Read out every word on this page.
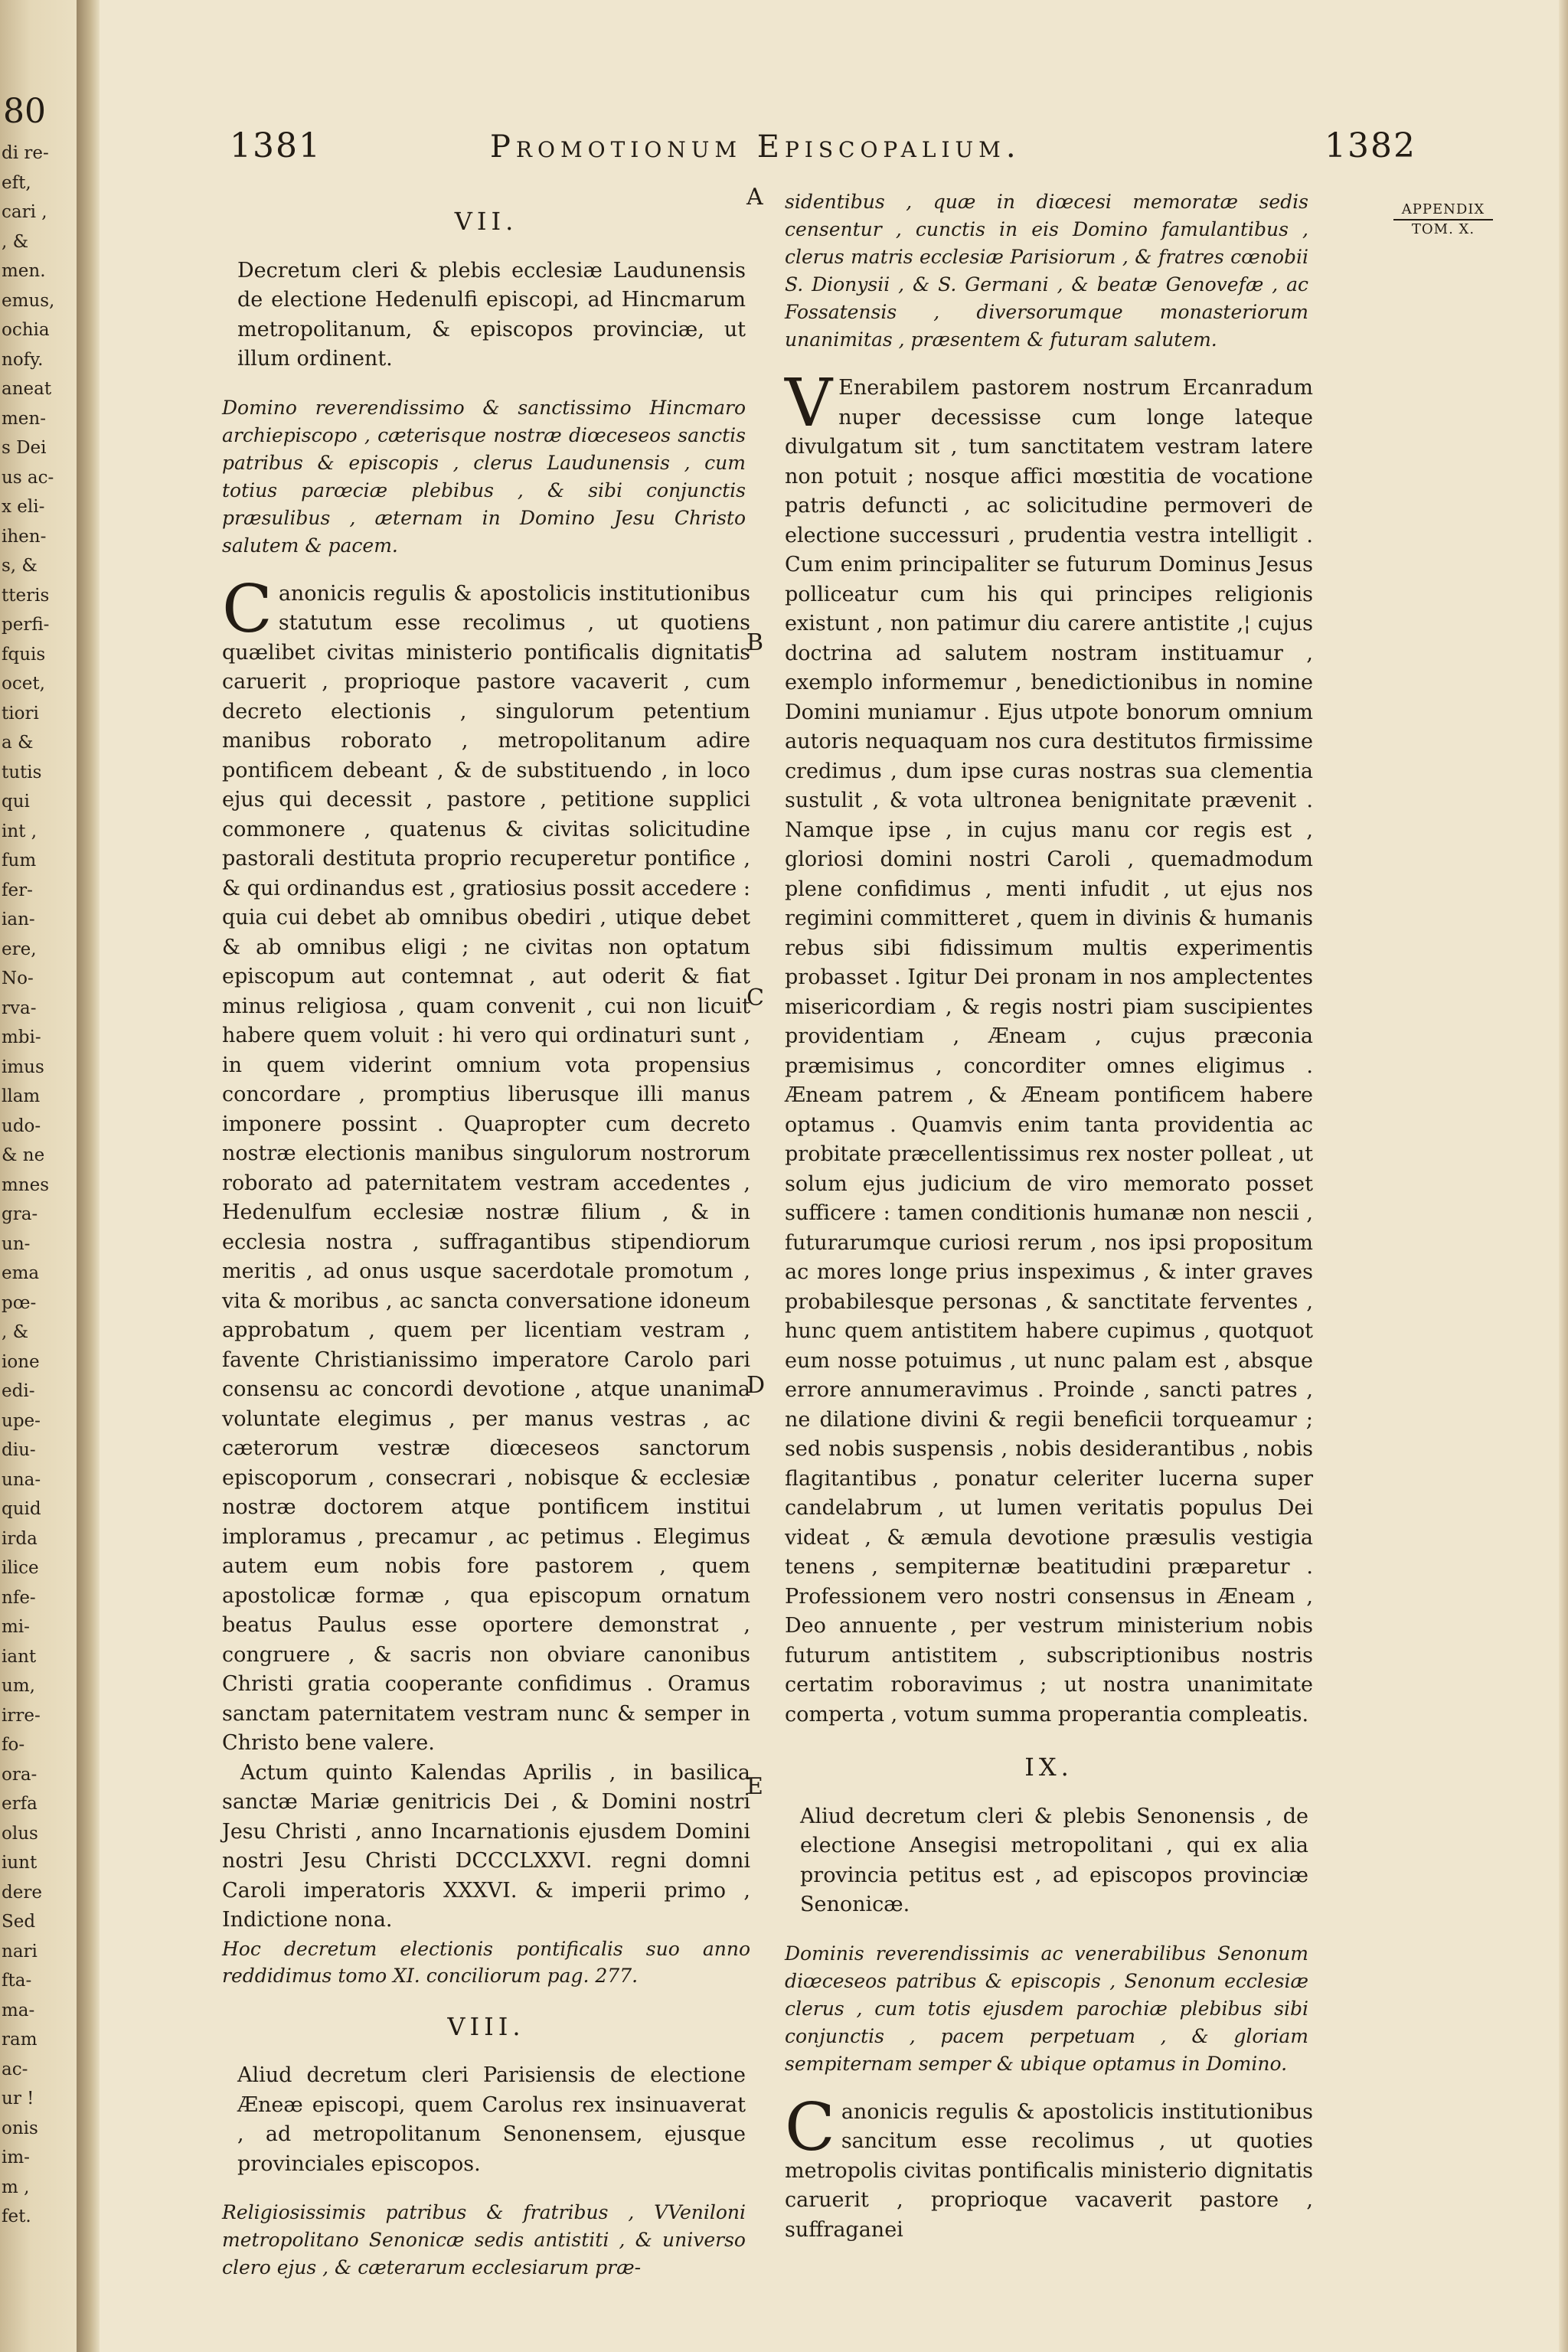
80
di re-
eft,
cari ,
, &
men.
emus,
ochia
nofy.
aneat
men-
s Dei
us ac-
x eli-
ihen-
s, &
tteris
perfi-
fquis
ocet,
tiori
a &
tutis
qui
int ,
fum
fer-
ian-
ere,
No-
rva-
mbi-
imus
llam
udo-
& ne
mnes
gra-
un-
ema
pœ-
, &
ione
edi-
upe-
diu-
una-
quid
irda
ilice
nfe-
mi-
iant
um,
irre-
fo-
ora-
erfa
olus
iunt
dere
Sed
nari
fta-
ma-
ram
ac-
ur !
onis
im-
m ,
fet.
1381	Promotionum Episcopalium.	1382
APPENDIX
TOM. X.
A
B
C
D
E
VII.
Decretum cleri & plebis ecclesiæ Laudunensis de electione Hedenulfi episcopi, ad Hincmarum metropolitanum, & episcopos provinciæ, ut illum ordinent.
Domino reverendissimo & sanctissimo Hincmaro archiepiscopo , cæterisque nostræ diœceseos sanctis patribus & episcopis , clerus Laudunensis , cum totius parœciæ plebibus , & sibi conjunctis præsulibus , æternam in Domino Jesu Christo salutem & pacem.

Canonicis regulis & apostolicis institutionibus statutum esse recolimus , ut quotiens quælibet civitas ministerio pontificalis dignitatis caruerit , proprioque pastore vacaverit , cum decreto electionis , singulorum petentium manibus roborato , metropolitanum adire pontificem debeant , & de substituendo , in loco ejus qui decessit , pastore , petitione supplici commonere , quatenus & civitas solicitudine pastorali destituta proprio recuperetur pontifice , & qui ordinandus est , gratiosius possit accedere : quia cui debet ab omnibus obediri , utique debet & ab omnibus eligi ; ne civitas non optatum episcopum aut contemnat , aut oderit & fiat minus religiosa , quam convenit , cui non licuit habere quem voluit : hi vero qui ordinaturi sunt , in quem viderint omnium vota propensius concordare , promptius liberusque illi manus imponere possint . Quapropter cum decreto nostræ electionis manibus singulorum nostrorum roborato ad paternitatem vestram accedentes , Hedenulfum ecclesiæ nostræ filium , & in ecclesia nostra , suffragantibus stipendiorum meritis , ad onus usque sacerdotale promotum , vita & moribus , ac sancta conversatione idoneum approbatum , quem per licentiam vestram , favente Christianissimo imperatore Carolo pari consensu ac concordi devotione , atque unanima voluntate elegimus , per manus vestras , ac cæterorum vestræ diœceseos sanctorum episcoporum , consecrari , nobisque & ecclesiæ nostræ doctorem atque pontificem institui imploramus , precamur , ac petimus . Elegimus autem eum nobis fore pastorem , quem apostolicæ formæ , qua episcopum ornatum beatus Paulus esse oportere demonstrat , congruere , & sacris non obviare canonibus Christi gratia cooperante confidimus . Oramus sanctam paternitatem vestram nunc & semper in Christo bene valere.

Actum quinto Kalendas Aprilis , in basilica sanctæ Mariæ genitricis Dei , & Domini nostri Jesu Christi , anno Incarnationis ejusdem Domini nostri Jesu Christi DCCCLXXVI. regni domni Caroli imperatoris XXXVI. & imperii primo , Indictione nona.

Hoc decretum electionis pontificalis suo anno reddidimus tomo XI. conciliorum pag. 277.
VIII.
Aliud decretum cleri Parisiensis de electione Æneæ episcopi, quem Carolus rex insinuaverat , ad metropolitanum Senonensem, ejusque provinciales episcopos.
Religiosissimis patribus & fratribus , VVeniloni metropolitano Senonicæ sedis antistiti , & universo clero ejus , & cæterarum ecclesiarum præ-
sidentibus , quæ in diœcesi memoratæ sedis censentur , cunctis in eis Domino famulantibus , clerus matris ecclesiæ Parisiorum , & fratres cœnobii S. Dionysii , & S. Germani , & beatæ Genovefæ , ac Fossatensis , diversorumque monasteriorum unanimitas , præsentem & futuram salutem.

V Enerabilem pastorem nostrum Ercanradum nuper decessisse cum longe lateque divulgatum sit , tum sanctitatem vestram latere non potuit ; nosque affici mœstitia de vocatione patris defuncti , ac solicitudine permoveri de electione successuri , prudentia vestra intelligit . Cum enim principaliter se futurum Dominus Jesus polliceatur cum his qui principes religionis existunt , non patimur diu carere antistite ,¦ cujus doctrina ad salutem nostram instituamur , exemplo informemur , benedictionibus in nomine Domini muniamur . Ejus utpote bonorum omnium autoris nequaquam nos cura destitutos firmissime credimus , dum ipse curas nostras sua clementia sustulit , & vota ultronea benignitate prævenit . Namque ipse , in cujus manu cor regis est , gloriosi domini nostri Caroli , quemadmodum plene confidimus , menti infudit , ut ejus nos regimini committeret , quem in divinis & humanis rebus sibi fidissimum multis experimentis probasset . Igitur Dei pronam in nos amplectentes misericordiam , & regis nostri piam suscipientes providentiam , Æneam , cujus præconia præmisimus , concorditer omnes eligimus . Æneam patrem , & Æneam pontificem habere optamus . Quamvis enim tanta providentia ac probitate præcellentissimus rex noster polleat , ut solum ejus judicium de viro memorato posset sufficere : tamen conditionis humanæ non nescii , futurarumque curiosi rerum , nos ipsi propositum ac mores longe prius inspeximus , & inter graves probabilesque personas , & sanctitate ferventes , hunc quem antistitem habere cupimus , quotquot eum nosse potuimus , ut nunc palam est , absque errore annumeravimus . Proinde , sancti patres , ne dilatione divini & regii beneficii torqueamur ; sed nobis suspensis , nobis desiderantibus , nobis flagitantibus , ponatur celeriter lucerna super candelabrum , ut lumen veritatis populus Dei videat , & æmula devotione præsulis vestigia tenens , sempiternæ beatitudini præparetur . Professionem vero nostri consensus in Æneam , Deo annuente , per vestrum ministerium nobis futurum antistitem , subscriptionibus nostris certatim roboravimus ; ut nostra unanimitate comperta , votum summa properantia compleatis.

IX.
Aliud decretum cleri & plebis Senonensis , de electione Ansegisi metropolitani , qui ex alia provincia petitus est , ad episcopos provinciæ Senonicæ.
Dominis reverendissimis ac venerabilibus Senonum diœceseos patribus & episcopis , Senonum ecclesiæ clerus , cum totis ejusdem parochiæ plebibus sibi conjunctis , pacem perpetuam , & gloriam sempiternam semper & ubique optamus in Domino.

Canonicis regulis & apostolicis institutionibus sancitum esse recolimus , ut quoties metropolis civitas pontificalis ministerio dignitatis caruerit , proprioque vacaverit pastore , suffraganei
